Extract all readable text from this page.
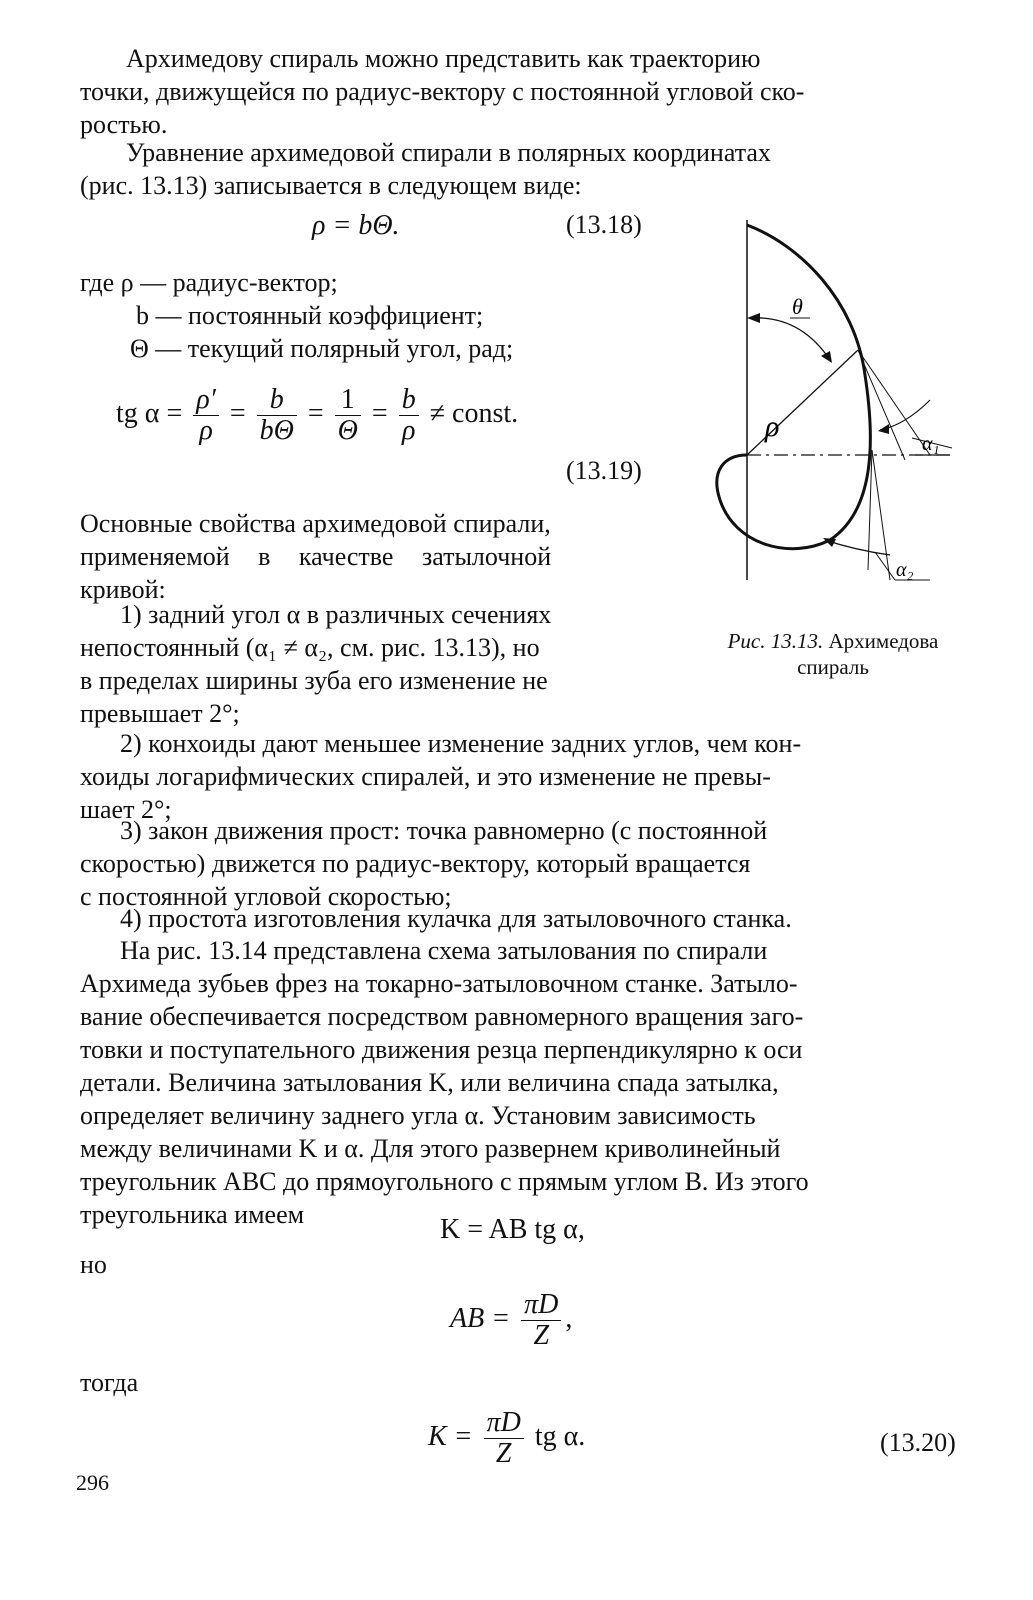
Архимедову спираль можно представить как траекторию
точки, движущейся по радиус-вектору с постоянной угловой ско-
ростью.
Уравнение архимедовой спирали в полярных координатах
(рис. 13.13) записывается в следующем виде:
ρ = bΘ.	(13.18)
где ρ — радиус-вектор;
b — постоянный коэффициент;
Θ — текущий полярный угол, рад;
tg $\alpha = \frac{\rho'}{\rho} = \frac{b}{b\Theta} = \frac{1}{\Theta} = \frac{b}{\rho}$ ≠ const.
(13.19)
Основные свойства архимедовой спирали,
применяемой в качестве затылочной
кривой:
1) задний угол α в различных сечениях
непостоянный (α₁ ≠ α₂, см. рис. 13.13), но
в пределах ширины зуба его изменение не
превышает 2°;
2) конхоиды дают меньшее изменение задних углов, чем кон-
хоиды логарифмических спиралей, и это изменение не превы-
шает 2°;
3) закон движения прост: точка равномерно (с постоянной
скоростью) движется по радиус-вектору, который вращается
с постоянной угловой скоростью;
4) простота изготовления кулачка для затыловочного станка.
На рис. 13.14 представлена схема затылования по спирали
Архимеда зубьев фрез на токарно-затыловочном станке. Затыло-
вание обеспечивается посредством равномерного вращения заго-
товки и поступательного движения резца перпендикулярно к оси
детали. Величина затылования K, или величина спада затылка,
определяет величину заднего угла α. Установим зависимость
между величинами K и α. Для этого развернем криволинейный
треугольник ABC до прямоугольного с прямым углом B. Из этого
треугольника имеем	K = AB tg α,
но
AB = $\frac{\pi D}{Z}$ ,
тогда
$K = \frac{\pi D}{Z}$ tg α.	(13.20)
θ
ρ
α₁
α₂
Рис. 13.13. Архимедова
спираль
296
